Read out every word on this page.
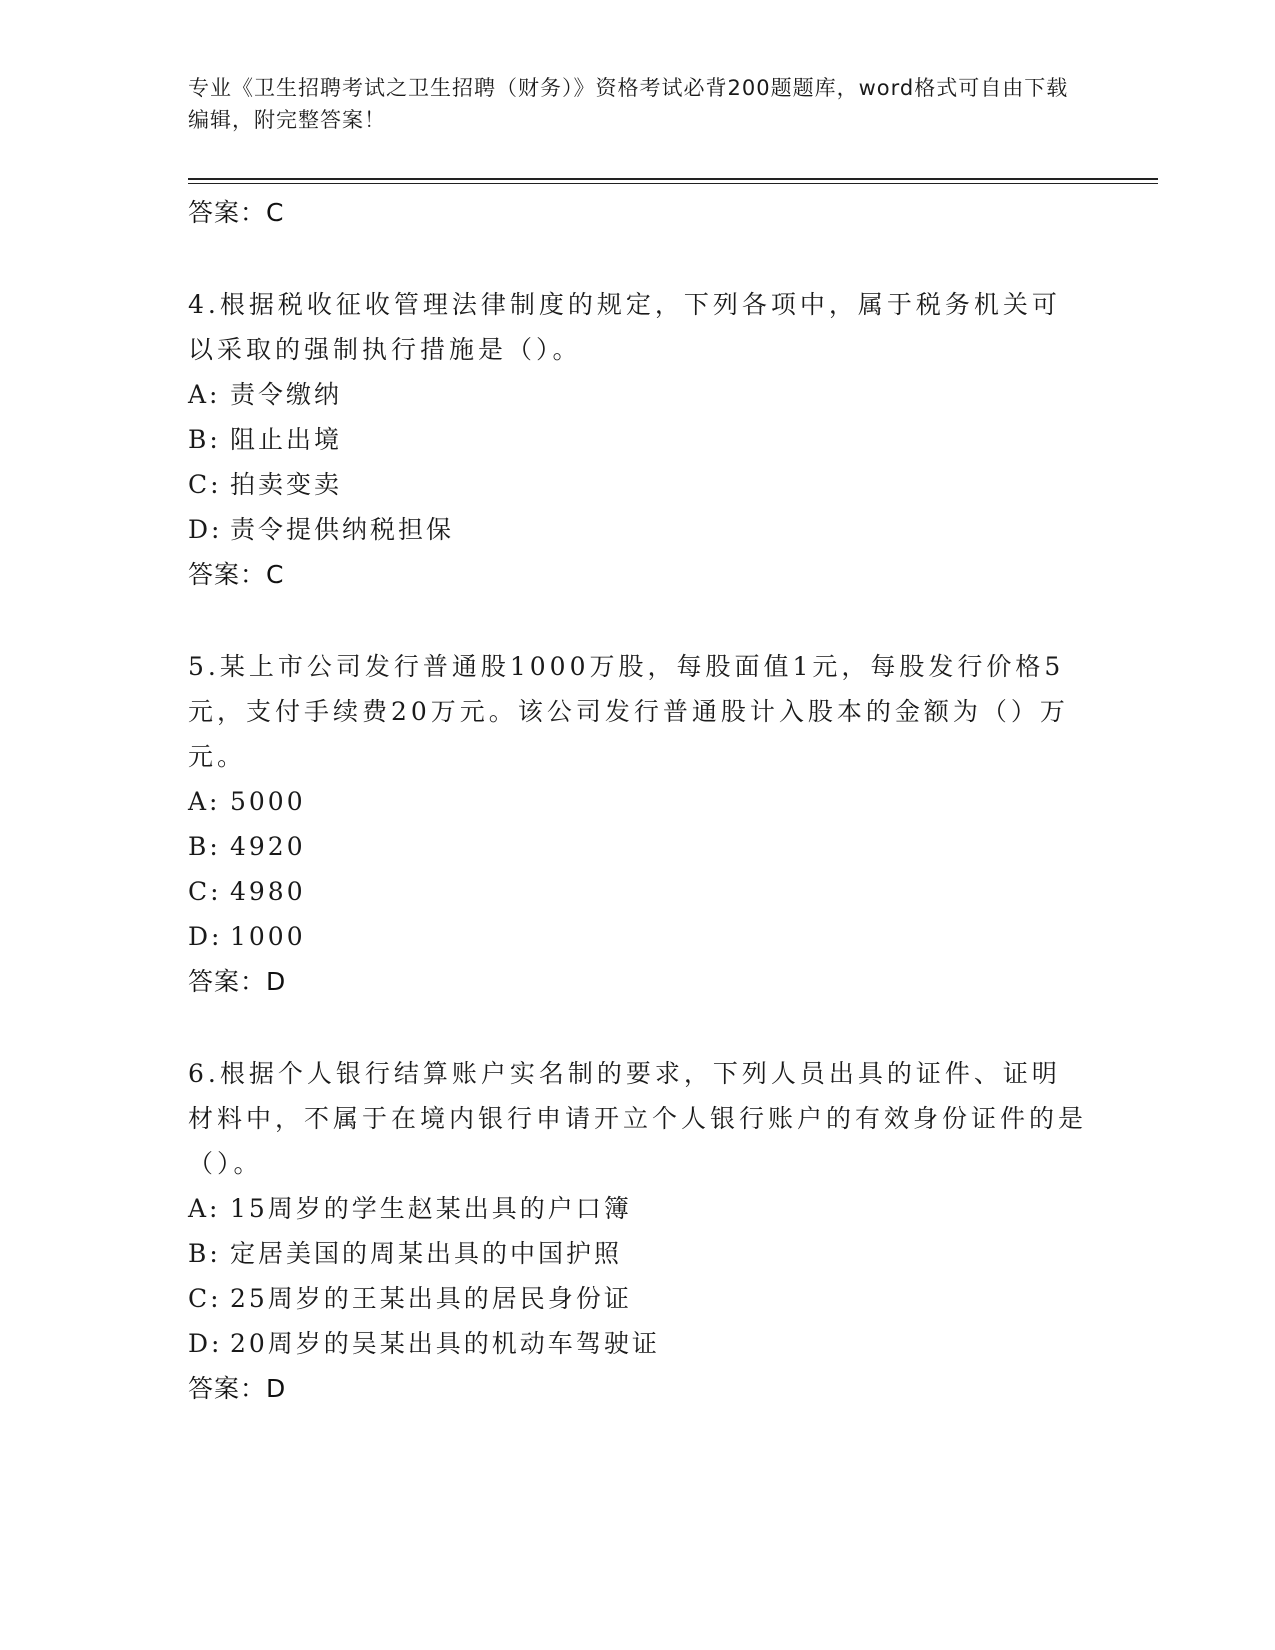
专业《卫生招聘考试之卫生招聘（财务）》资格考试必背200题题库，word格式可自由下载编辑，附完整答案！
答案：C
4.根据税收征收管理法律制度的规定，下列各项中，属于税务机关可以采取的强制执行措施是（）。
A: 责令缴纳
B: 阻止出境
C: 拍卖变卖
D: 责令提供纳税担保
答案：C
5.某上市公司发行普通股1000万股，每股面值1元，每股发行价格5元，支付手续费20万元。该公司发行普通股计入股本的金额为（）万元。
A: 5000
B: 4920
C: 4980
D: 1000
答案：D
6.根据个人银行结算账户实名制的要求，下列人员出具的证件、证明材料中，不属于在境内银行申请开立个人银行账户的有效身份证件的是（）。
A: 15周岁的学生赵某出具的户口簿
B: 定居美国的周某出具的中国护照
C: 25周岁的王某出具的居民身份证
D: 20周岁的吴某出具的机动车驾驶证
答案：D
